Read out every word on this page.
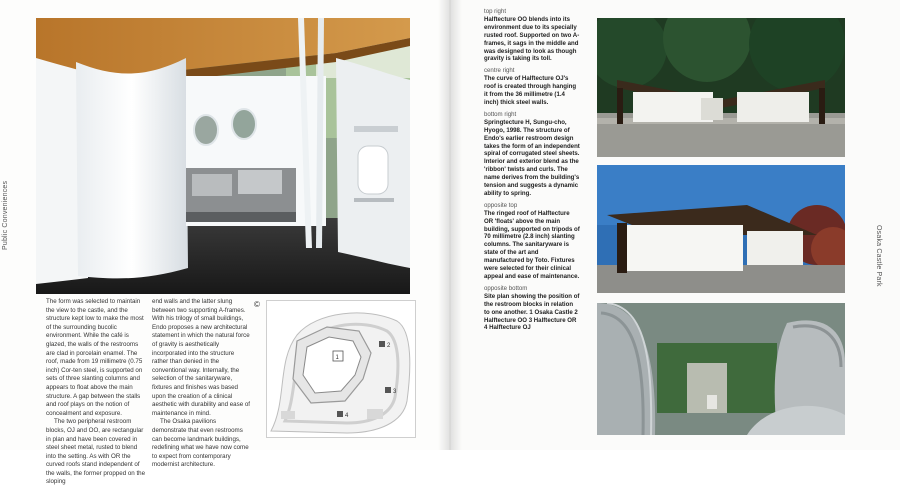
Public Conveniences
Osaka Castle Park

The form was selected to maintain the view to the castle, and the structure kept low to make the most of the surrounding bucolic environment. While the café is glazed, the walls of the restrooms are clad in porcelain enamel. The roof, made from 19 millimetre (0.75 inch) Cor-ten steel, is supported on sets of three slanting columns and appears to float above the main structure. A gap between the stalls and roof plays on the notion of concealment and exposure.

The two peripheral restroom blocks, OJ and OO, are rectangular in plan and have been covered in steel sheet metal, rusted to blend into the setting. As with OR the curved roofs stand independent of the walls, the former propped on the sloping

end walls and the latter slung between two supporting A-frames. With his trilogy of small buildings, Endo proposes a new architectural statement in which the natural force of gravity is aesthetically incorporated into the structure rather than denied in the conventional way. Internally, the selection of the sanitaryware, fixtures and finishes was based upon the creation of a clinical aesthetic with durability and ease of maintenance in mind.

The Osaka pavilions demonstrate that even restrooms can become landmark buildings, redefining what we have now come to expect from contemporary modernist architecture.

©
1
2
3
4
top right
Halftecture OO blends into its environment due to its specially rusted roof. Supported on two A-frames, it sags in the middle and was designed to look as though gravity is taking its toll.
centre right
The curve of Halftecture OJ's roof is created through hanging it from the 36 millimetre (1.4 inch) thick steel walls.
bottom right
Springtecture H, Sungu-cho, Hyogo, 1998. The structure of Endo's earlier restroom design takes the form of an independent spiral of corrugated steel sheets. Interior and exterior blend as the 'ribbon' twists and curls. The name derives from the building's tension and suggests a dynamic ability to spring.
opposite top
The ringed roof of Halftecture OR 'floats' above the main building, supported on tripods of 70 millimetre (2.8 inch) slanting columns. The sanitaryware is state of the art and manufactured by Toto. Fixtures were selected for their clinical appeal and ease of maintenance.
opposite bottom
Site plan showing the position of the restroom blocks in relation to one another. 1 Osaka Castle 2 Halftecture OO 3 Halftecture OR 4 Halftecture OJ
